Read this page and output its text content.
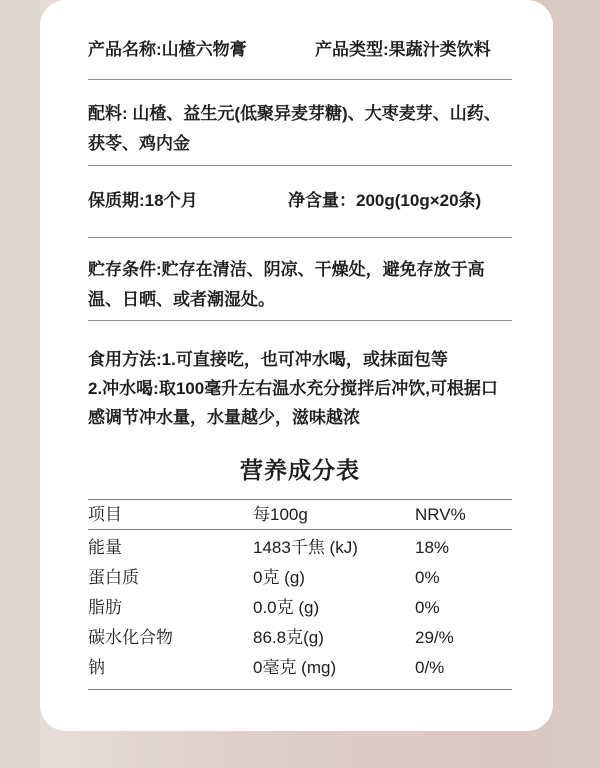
产品名称:山楂六物膏	产品类型:果蔬汁类饮料

配料: 山楂、益生元(低聚异麦芽糖)、大枣麦芽、山药、获苓、鸡内金

保质期:18个月	净含量：200g(10g×20条)

贮存条件:贮存在清洁、阴凉、干燥处，避免存放于高温、日晒、或者潮湿处。

食用方法:1.可直接吃，也可冲水喝，或抹面包等
2.冲水喝:取100毫升左右温水充分搅拌后冲饮,可根据口感调节冲水量，水量越少，滋味越浓

营养成分表
项目	每100g	NRV%
能量	1483千焦 (kJ)	18%
蛋白质	0克 (g)	0%
脂肪	0.0克 (g)	0%
碳水化合物	86.8克(g)	29/%
钠	0毫克 (mg)	0/%
